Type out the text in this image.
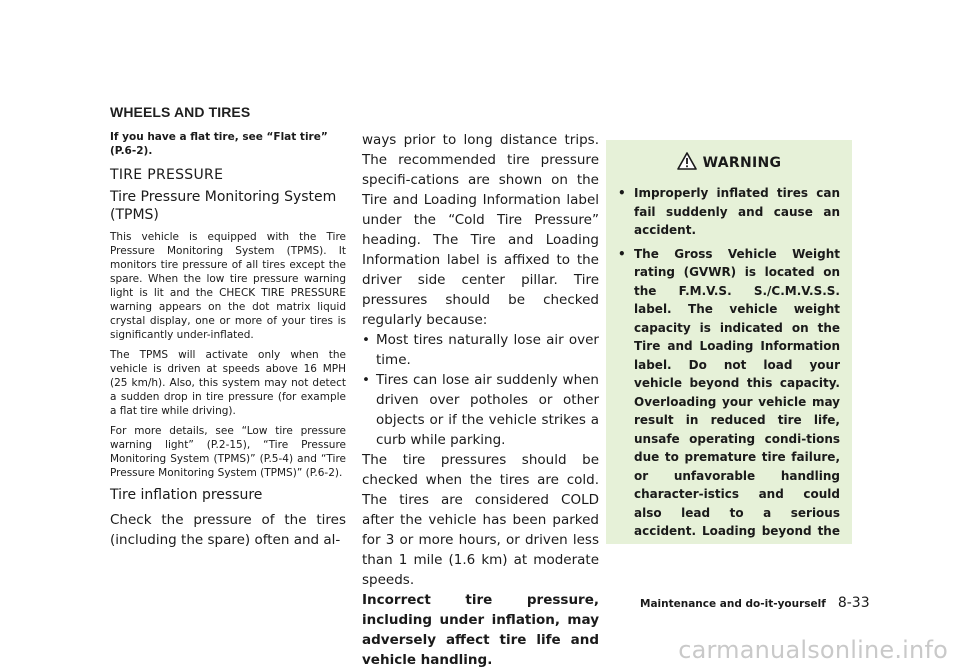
WHEELS AND TIRES

If you have a flat tire, see “Flat tire” (P.6-2).

TIRE PRESSURE
Tire Pressure Monitoring System (TPMS)

This vehicle is equipped with the Tire Pressure Monitoring System (TPMS). It monitors tire pressure of all tires except the spare. When the low tire pressure warning light is lit and the CHECK TIRE PRESSURE warning appears on the dot matrix liquid crystal display, one or more of your tires is significantly under-inflated.

The TPMS will activate only when the vehicle is driven at speeds above 16 MPH (25 km/h). Also, this system may not detect a sudden drop in tire pressure (for example a flat tire while driving).

For more details, see “Low tire pressure warning light” (P.2-15), “Tire Pressure Monitoring System (TPMS)” (P.5-4) and “Tire Pressure Monitoring System (TPMS)” (P.6-2).

Tire inflation pressure

Check the pressure of the tires (including the spare) often and al-

ways prior to long distance trips. The recommended tire pressure specifi-cations are shown on the Tire and Loading Information label under the “Cold Tire Pressure” heading. The Tire and Loading Information label is affixed to the driver side center pillar. Tire pressures should be checked regularly because:

• Most tires naturally lose air over time.
• Tires can lose air suddenly when driven over potholes or other objects or if the vehicle strikes a curb while parking.

The tire pressures should be checked when the tires are cold. The tires are considered COLD after the vehicle has been parked for 3 or more hours, or driven less than 1 mile (1.6 km) at moderate speeds.

Incorrect tire pressure, including under inflation, may adversely affect tire life and vehicle handling.

WARNING
• Improperly inflated tires can fail suddenly and cause an accident.
• The Gross Vehicle Weight rating (GVWR) is located on the F.M.V.S. S./C.M.V.S.S. label. The vehicle weight capacity is indicated on the Tire and Loading Information label. Do not load your vehicle beyond this capacity. Overloading your vehicle may result in reduced tire life, unsafe operating condi-tions due to premature tire failure, or unfavorable handling character-istics and could also lead to a serious accident. Loading beyond the
Maintenance and do-it-yourself 8-33
carmanualsonline.info
